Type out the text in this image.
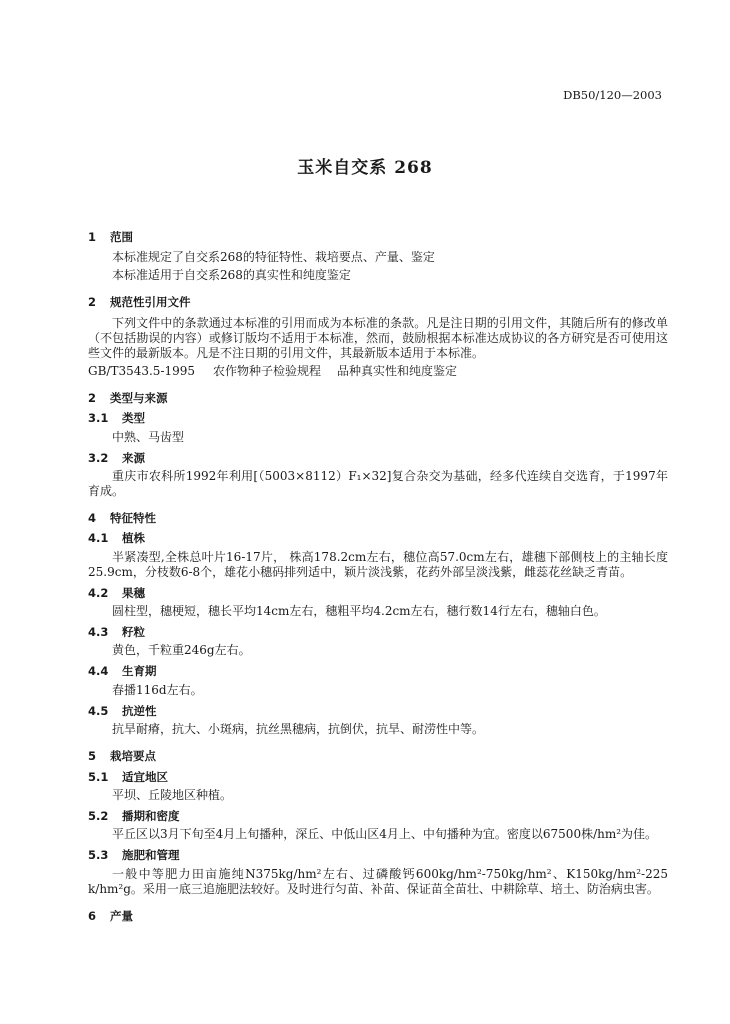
DB50/120—2003
玉米自交系 268
1	范围

本标准规定了自交系268的特征特性、栽培要点、产量、鉴定

本标准适用于自交系268的真实性和纯度鉴定

2	规范性引用文件

下列文件中的条款通过本标准的引用而成为本标准的条款。凡是注日期的引用文件，其随后所有的修改单（不包括勘误的内容）或修订版均不适用于本标准，然而，鼓励根据本标准达成协议的各方研究是否可使用这些文件的最新版本。凡是不注日期的引用文件，其最新版本适用于本标准。

GB/T3543.5-1995	农作物种子检验规程 品种真实性和纯度鉴定
2	类型与来源
3.1	类型

中熟、马齿型

3.2	来源

重庆市农科所1992年利用[（5003×8112）F₁×32]复合杂交为基础，经多代连续自交选育，于1997年育成。

4	特征特性
4.1	植株

半紧凑型,全株总叶片16-17片， 株高178.2cm左右，穗位高57.0cm左右，雄穗下部侧枝上的主轴长度25.9cm，分枝数6-8个，雄花小穗码排列适中，颖片淡浅紫，花药外部呈淡浅紫，雌蕊花丝缺乏青苗。

4.2	果穗

圆柱型，穗梗短，穗长平均14cm左右，穗粗平均4.2cm左右，穗行数14行左右，穗轴白色。

4.3	籽粒

黄色，千粒重246g左右。

4.4	生育期

春播116d左右。

4.5	抗逆性

抗旱耐瘠，抗大、小斑病，抗丝黑穗病，抗倒伏，抗旱、耐涝性中等。

5	栽培要点
5.1	适宜地区

平坝、丘陵地区种植。

5.2	播期和密度

平丘区以3月下旬至4月上旬播种，深丘、中低山区4月上、中旬播种为宜。密度以67500株/hm²为佳。

5.3	施肥和管理

一般中等肥力田亩施纯N375kg/hm²左右、过磷酸钙600kg/hm²-750kg/hm²、K150kg/hm²-225 k/hm²g。采用一底三追施肥法较好。及时进行匀苗、补苗、保证苗全苗壮、中耕除草、培土、防治病虫害。

6	产量
